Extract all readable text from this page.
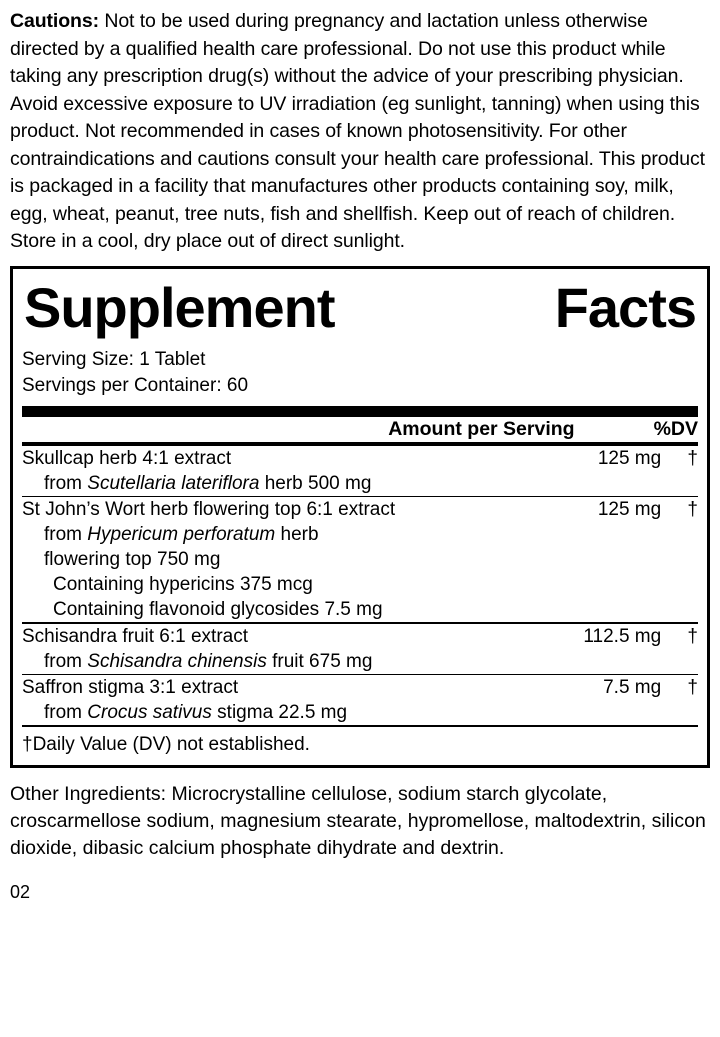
Cautions: Not to be used during pregnancy and lactation unless otherwise directed by a qualified health care professional. Do not use this product while taking any prescription drug(s) without the advice of your prescribing physician. Avoid excessive exposure to UV irradiation (eg sunlight, tanning) when using this product. Not recommended in cases of known photosensitivity. For other contraindications and cautions consult your health care professional. This product is packaged in a facility that manufactures other products containing soy, milk, egg, wheat, peanut, tree nuts, fish and shellfish. Keep out of reach of children. Store in a cool, dry place out of direct sunlight.

Supplement	Facts
Serving Size: 1 Tablet
Servings per Container: 60
	Amount per Serving	%DV
Skullcap herb 4:1 extract
from Scutellaria lateriflora herb 500 mg	125 mg	†

St John’s Wort herb flowering top 6:1 extract
from Hypericum perforatum herb
flowering top 750 mg
Containing hypericins 375 mcg
Containing flavonoid glycosides 7.5 mg	125 mg	†

Schisandra fruit 6:1 extract
from Schisandra chinensis fruit 675 mg	112.5 mg	†

Saffron stigma 3:1 extract
from Crocus sativus stigma 22.5 mg	7.5 mg	†
†Daily Value (DV) not established.

Other Ingredients: Microcrystalline cellulose, sodium starch glycolate, croscarmellose sodium, magnesium stearate, hypromellose, maltodextrin, silicon dioxide, dibasic calcium phosphate dihydrate and dextrin.

02
